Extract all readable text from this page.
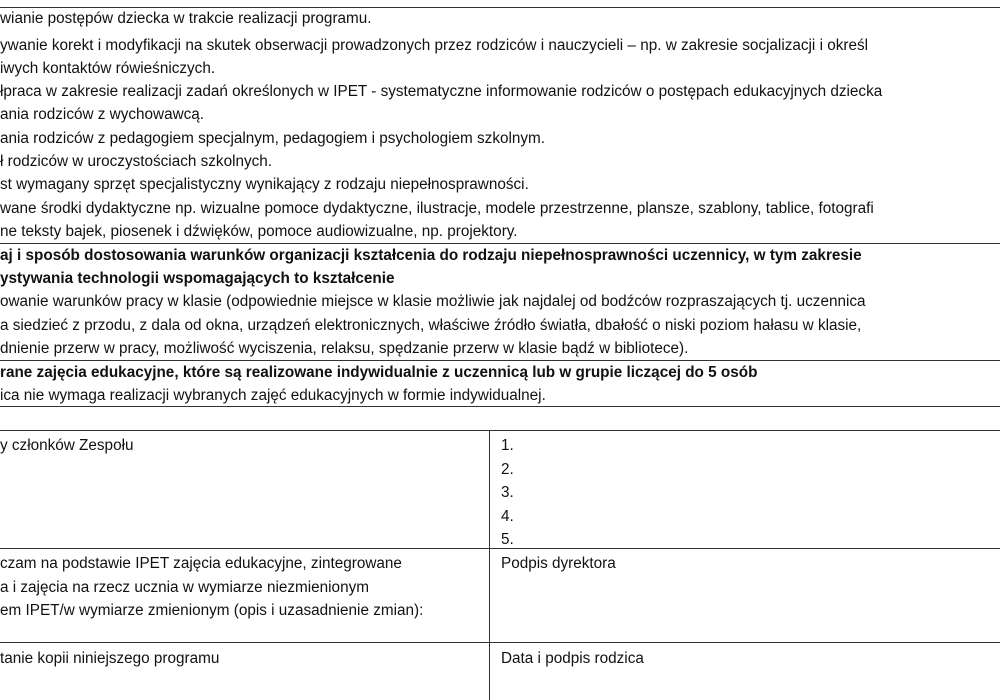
wianie postępów dziecka w trakcie realizacji programu.
ywanie korekt i modyfikacji na skutek obserwacji prowadzonych przez rodziców i nauczycieli – np. w zakresie socjalizacji i określ
iwych kontaktów rówieśniczych.
łpraca w zakresie realizacji zadań określonych w IPET - systematyczne informowanie rodziców o postępach edukacyjnych dziecka
ania rodziców z wychowawcą.
ania rodziców z pedagogiem specjalnym, pedagogiem i psychologiem szkolnym.
ł rodziców w uroczystościach szkolnych.
st wymagany sprzęt specjalistyczny wynikający z rodzaju niepełnosprawności.
wane środki dydaktyczne np. wizualne pomoce dydaktyczne, ilustracje, modele przestrzenne, plansze, szablony, tablice, fotografi
ne teksty bajek, piosenek i dźwięków, pomoce audiowizualne, np. projektory.
aj i sposób dostosowania warunków organizacji kształcenia do rodzaju niepełnosprawności uczennicy, w tym zakresie
ystywania technologii wspomagających to kształcenie
owanie warunków pracy w klasie (odpowiednie miejsce w klasie możliwie jak najdalej od bodźców rozpraszających tj. uczennica
a siedzieć z przodu, z dala od okna, urządzeń elektronicznych, właściwe źródło światła, dbałość o niski poziom hałasu w klasie,
dnienie przerw w pracy, możliwość wyciszenia, relaksu, spędzanie przerw w klasie bądź w bibliotece).
rane zajęcia edukacyjne, które są realizowane indywidualnie z uczennicą lub w grupie liczącej do 5 osób
ica nie wymaga realizacji wybranych zajęć edukacyjnych w formie indywidualnej.
y członków Zespołu	1.
2.
3.
4.
5.
czam na podstawie IPET zajęcia edukacyjne, zintegrowane
a i zajęcia na rzecz ucznia w wymiarze niezmienionym
em IPET/w wymiarze zmienionym (opis i uzasadnienie zmian):
Podpis dyrektora
tanie kopii niniejszego programu	Data i podpis rodzica
